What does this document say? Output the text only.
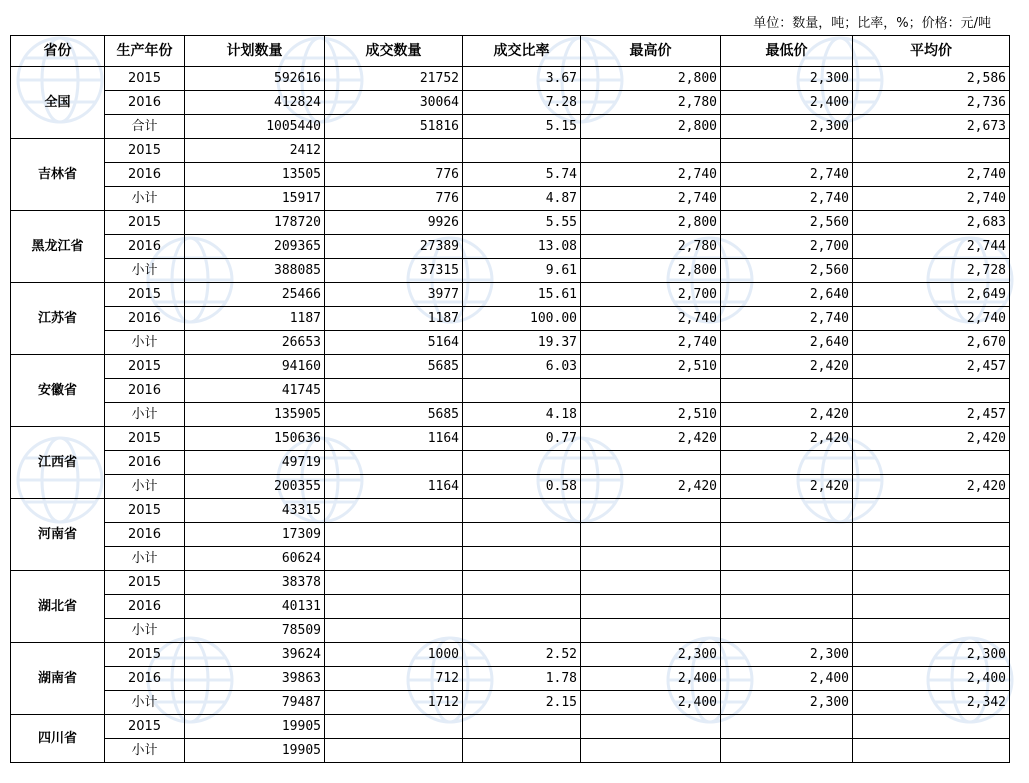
单位：数量，吨；比率，%；价格：元/吨
省份	生产年份	计划数量	成交数量	成交比率	最高价	最低价	平均价
全国	2015	592616	21752	3.67	2,800	2,300	2,586
	2016	412824	30064	7.28	2,780	2,400	2,736
	合计	1005440	51816	5.15	2,800	2,300	2,673
吉林省	2015	2412					
	2016	13505	776	5.74	2,740	2,740	2,740
	小计	15917	776	4.87	2,740	2,740	2,740
黑龙江省	2015	178720	9926	5.55	2,800	2,560	2,683
	2016	209365	27389	13.08	2,780	2,700	2,744
	小计	388085	37315	9.61	2,800	2,560	2,728
江苏省	2015	25466	3977	15.61	2,700	2,640	2,649
	2016	1187	1187	100.00	2,740	2,740	2,740
	小计	26653	5164	19.37	2,740	2,640	2,670
安徽省	2015	94160	5685	6.03	2,510	2,420	2,457
	2016	41745					
	小计	135905	5685	4.18	2,510	2,420	2,457
江西省	2015	150636	1164	0.77	2,420	2,420	2,420
	2016	49719					
	小计	200355	1164	0.58	2,420	2,420	2,420
河南省	2015	43315					
	2016	17309					
	小计	60624					
湖北省	2015	38378					
	2016	40131					
	小计	78509					
湖南省	2015	39624	1000	2.52	2,300	2,300	2,300
	2016	39863	712	1.78	2,400	2,400	2,400
	小计	79487	1712	2.15	2,400	2,300	2,342
四川省	2015	19905					
	小计	19905					
